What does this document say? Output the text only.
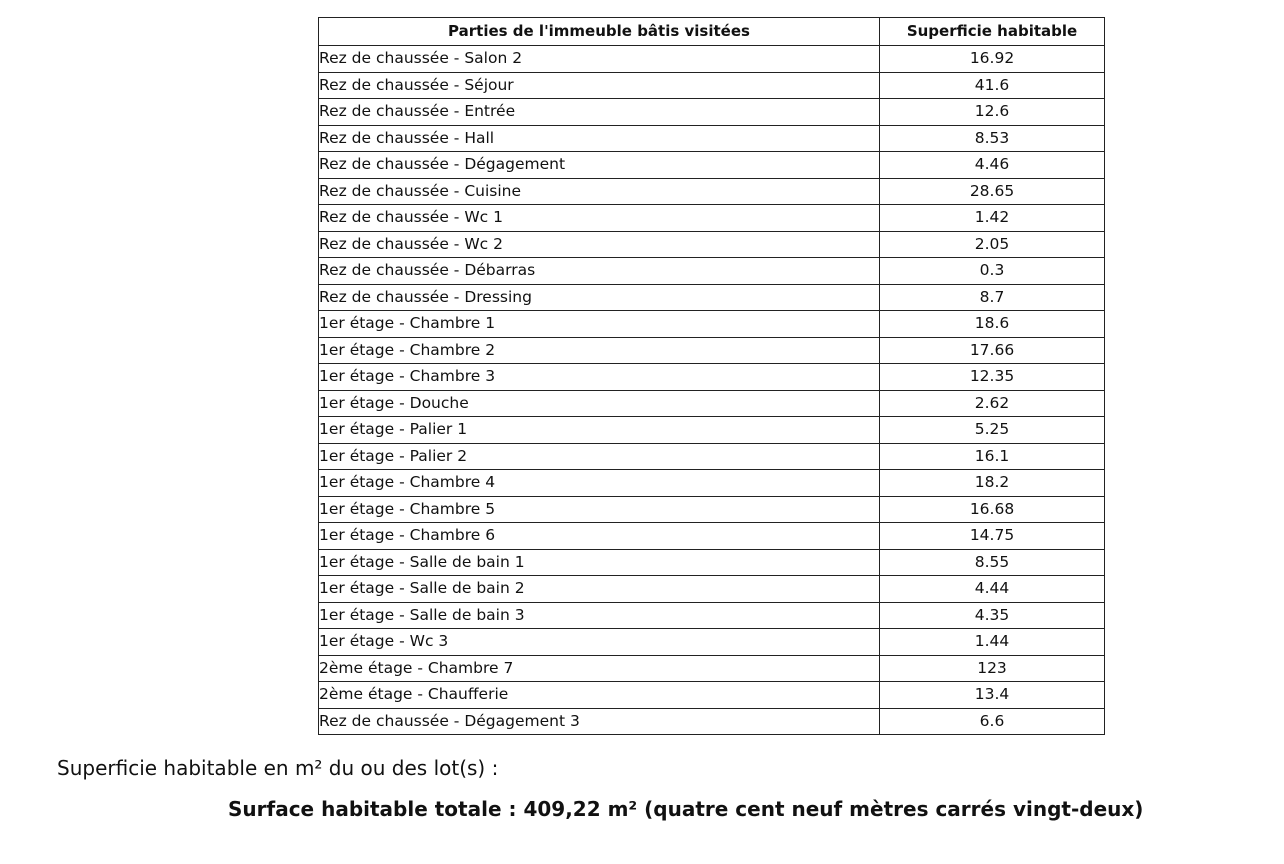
Parties de l'immeuble bâtis visitées	Superficie habitable
Rez de chaussée - Salon 2	16.92
Rez de chaussée - Séjour	41.6
Rez de chaussée - Entrée	12.6
Rez de chaussée - Hall	8.53
Rez de chaussée - Dégagement	4.46
Rez de chaussée - Cuisine	28.65
Rez de chaussée - Wc 1	1.42
Rez de chaussée - Wc 2	2.05
Rez de chaussée - Débarras	0.3
Rez de chaussée - Dressing	8.7
1er étage - Chambre 1	18.6
1er étage - Chambre 2	17.66
1er étage - Chambre 3	12.35
1er étage - Douche	2.62
1er étage - Palier 1	5.25
1er étage - Palier 2	16.1
1er étage - Chambre 4	18.2
1er étage - Chambre 5	16.68
1er étage - Chambre 6	14.75
1er étage - Salle de bain 1	8.55
1er étage - Salle de bain 2	4.44
1er étage - Salle de bain 3	4.35
1er étage - Wc 3	1.44
2ème étage - Chambre 7	123
2ème étage - Chaufferie	13.4
Rez de chaussée - Dégagement 3	6.6
Superficie habitable en m² du ou des lot(s) :
Surface habitable totale : 409,22 m² (quatre cent neuf mètres carrés vingt-deux)
